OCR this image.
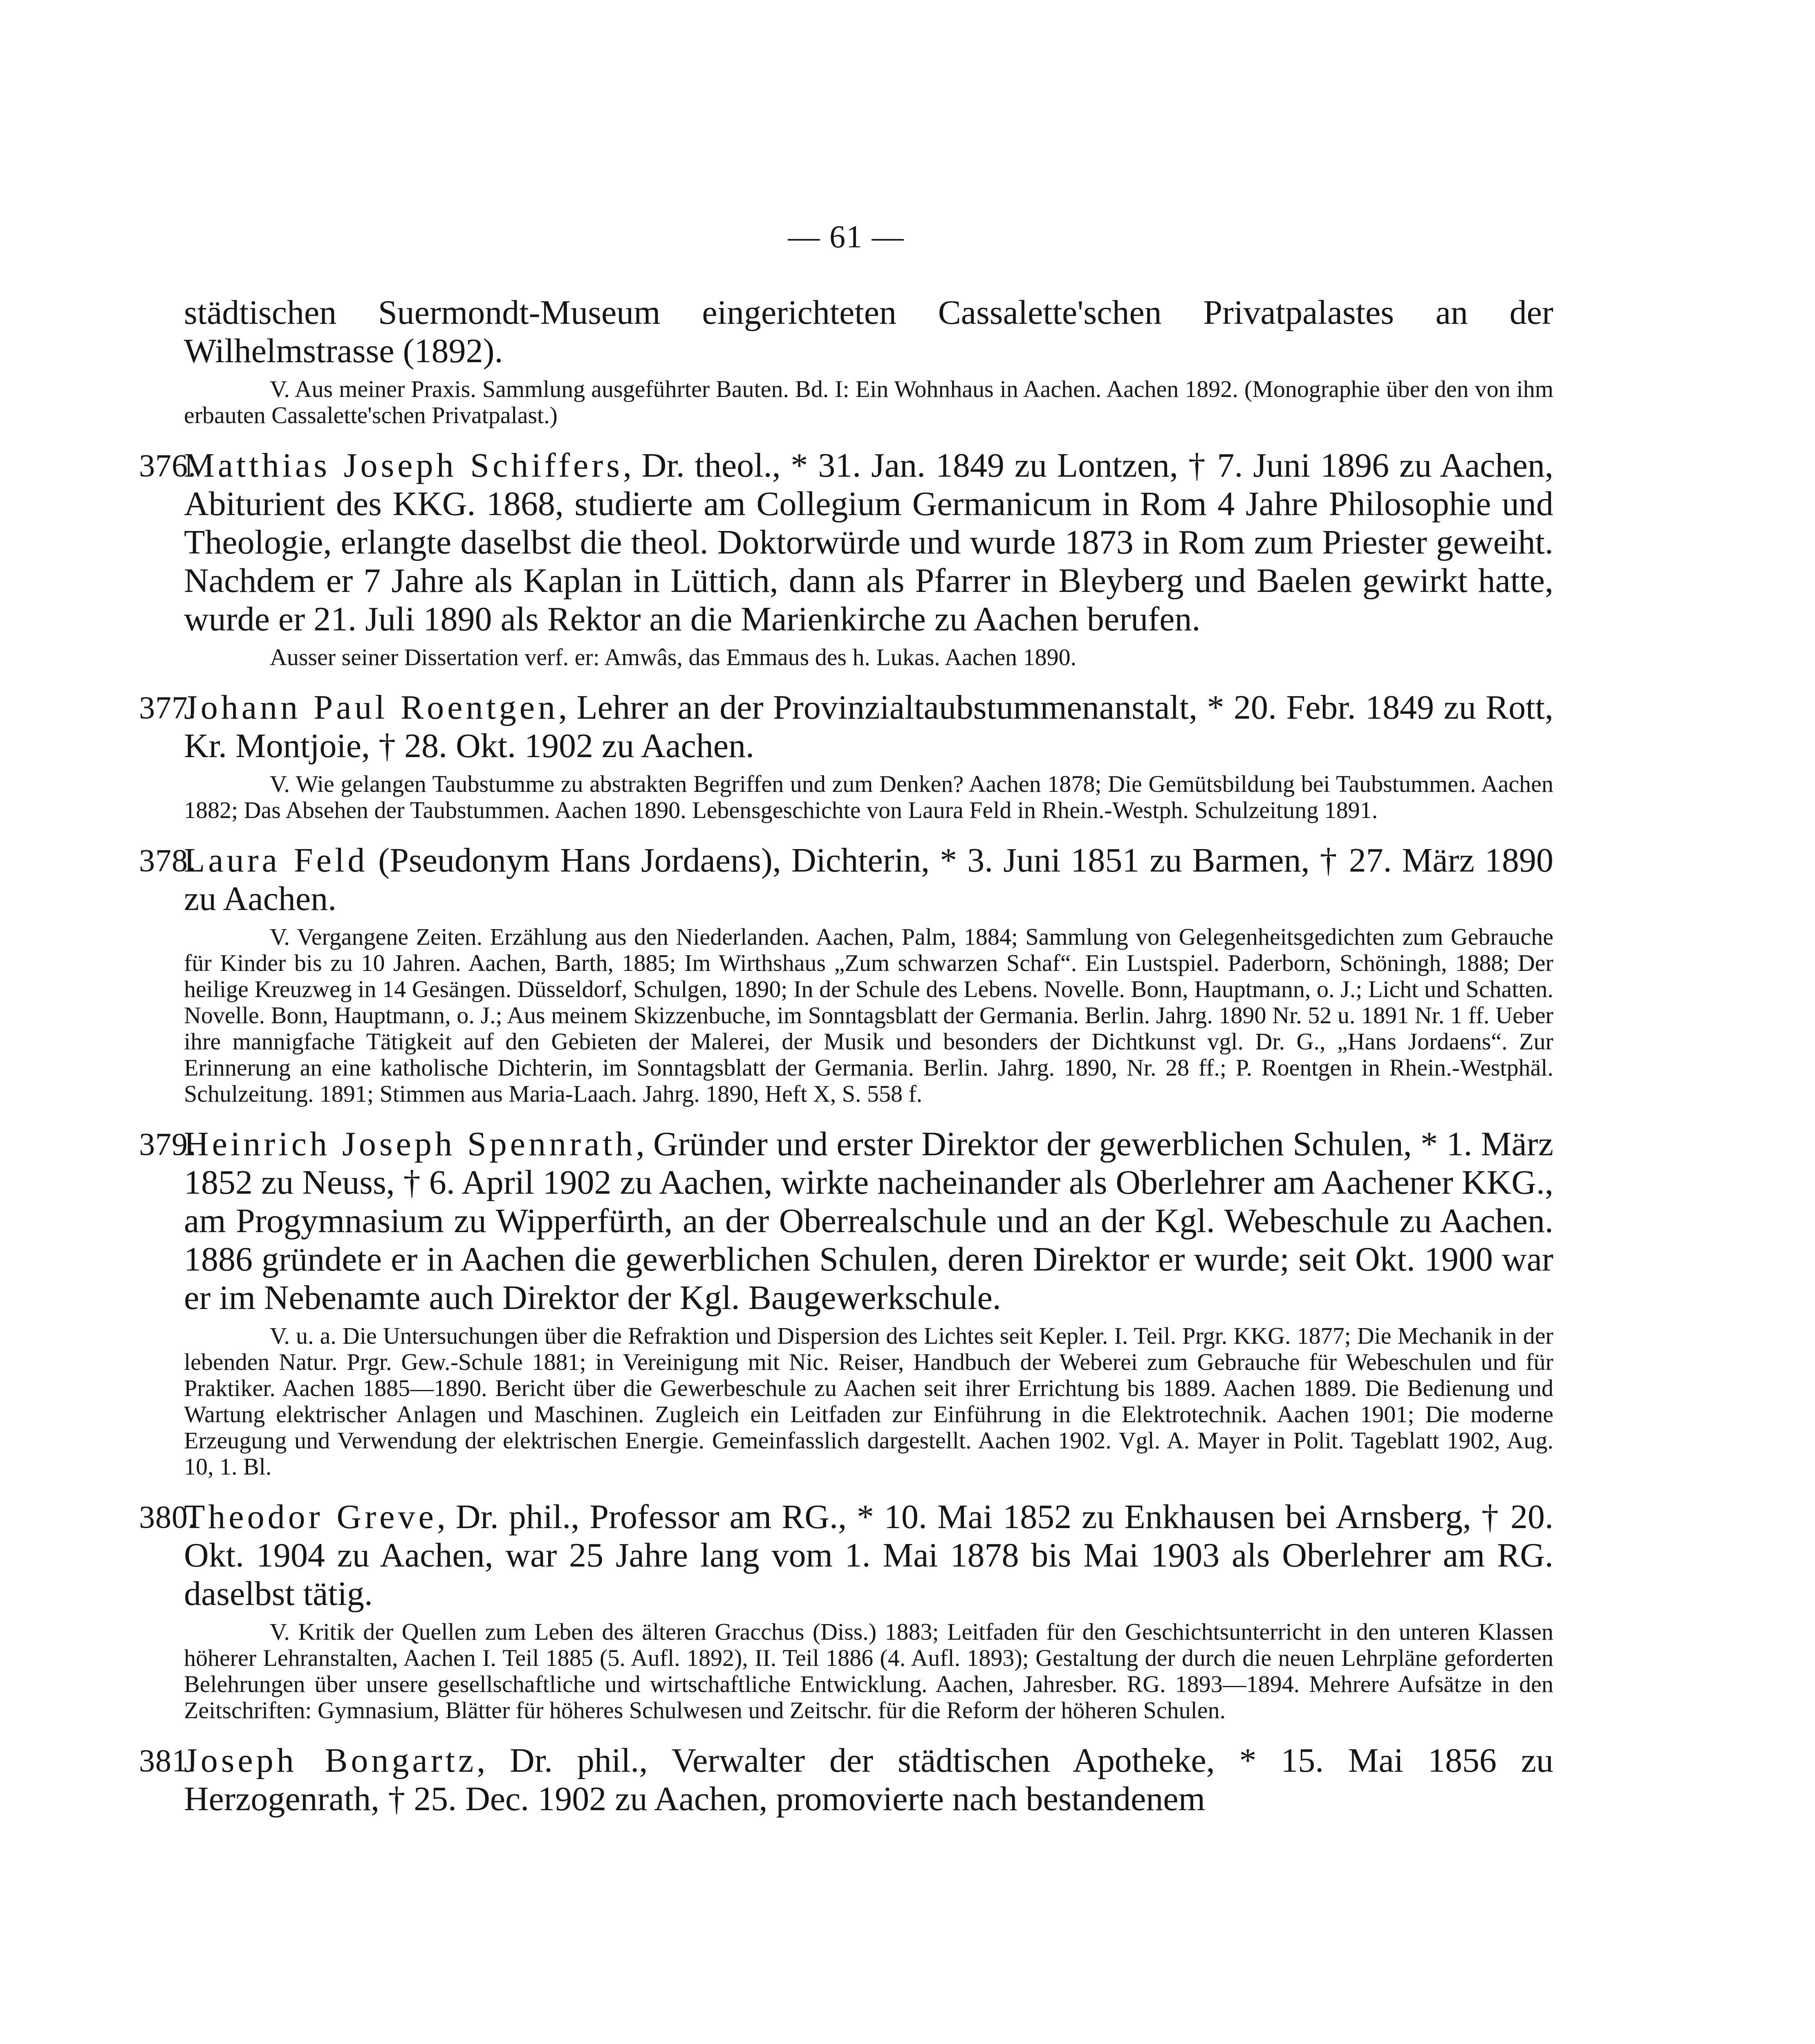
— 61 —

städtischen Suermondt-Museum eingerichteten Cassalette'schen Privatpalastes an der Wilhelmstrasse (1892).

V. Aus meiner Praxis. Sammlung ausgeführter Bauten. Bd. I: Ein Wohnhaus in Aachen. Aachen 1892. (Monographie über den von ihm erbauten Cassalette'schen Privatpalast.)

376.

Matthias Joseph Schiffers, Dr. theol., * 31. Jan. 1849 zu Lontzen, † 7. Juni 1896 zu Aachen, Abiturient des KKG. 1868, studierte am Collegium Germanicum in Rom 4 Jahre Philosophie und Theologie, erlangte daselbst die theol. Doktorwürde und wurde 1873 in Rom zum Priester geweiht. Nachdem er 7 Jahre als Kaplan in Lüttich, dann als Pfarrer in Bleyberg und Baelen gewirkt hatte, wurde er 21. Juli 1890 als Rektor an die Marienkirche zu Aachen berufen.

Ausser seiner Dissertation verf. er: Amwâs, das Emmaus des h. Lukas. Aachen 1890.

377.

Johann Paul Roentgen, Lehrer an der Provinzialtaubstummenanstalt, * 20. Febr. 1849 zu Rott, Kr. Montjoie, † 28. Okt. 1902 zu Aachen.

V. Wie gelangen Taubstumme zu abstrakten Begriffen und zum Denken? Aachen 1878; Die Gemütsbildung bei Taubstummen. Aachen 1882; Das Absehen der Taubstummen. Aachen 1890. Lebensgeschichte von Laura Feld in Rhein.-Westph. Schulzeitung 1891.

378.

Laura Feld (Pseudonym Hans Jordaens), Dichterin, * 3. Juni 1851 zu Barmen, † 27. März 1890 zu Aachen.

V. Vergangene Zeiten. Erzählung aus den Niederlanden. Aachen, Palm, 1884; Sammlung von Gelegenheitsgedichten zum Gebrauche für Kinder bis zu 10 Jahren. Aachen, Barth, 1885; Im Wirthshaus „Zum schwarzen Schaf“. Ein Lustspiel. Paderborn, Schöningh, 1888; Der heilige Kreuzweg in 14 Gesängen. Düsseldorf, Schulgen, 1890; In der Schule des Lebens. Novelle. Bonn, Hauptmann, o. J.; Licht und Schatten. Novelle. Bonn, Hauptmann, o. J.; Aus meinem Skizzenbuche, im Sonntagsblatt der Germania. Berlin. Jahrg. 1890 Nr. 52 u. 1891 Nr. 1 ff. Ueber ihre mannigfache Tätigkeit auf den Gebieten der Malerei, der Musik und besonders der Dichtkunst vgl. Dr. G., „Hans Jordaens“. Zur Erinnerung an eine katholische Dichterin, im Sonntagsblatt der Germania. Berlin. Jahrg. 1890, Nr. 28 ff.; P. Roentgen in Rhein.-Westphäl. Schulzeitung. 1891; Stimmen aus Maria-Laach. Jahrg. 1890, Heft X, S. 558 f.

379.

Heinrich Joseph Spennrath, Gründer und erster Direktor der gewerblichen Schulen, * 1. März 1852 zu Neuss, † 6. April 1902 zu Aachen, wirkte nacheinander als Oberlehrer am Aachener KKG., am Progymnasium zu Wipperfürth, an der Oberrealschule und an der Kgl. Webeschule zu Aachen. 1886 gründete er in Aachen die gewerblichen Schulen, deren Direktor er wurde; seit Okt. 1900 war er im Nebenamte auch Direktor der Kgl. Baugewerkschule.

V. u. a. Die Untersuchungen über die Refraktion und Dispersion des Lichtes seit Kepler. I. Teil. Prgr. KKG. 1877; Die Mechanik in der lebenden Natur. Prgr. Gew.-Schule 1881; in Vereinigung mit Nic. Reiser, Handbuch der Weberei zum Gebrauche für Webeschulen und für Praktiker. Aachen 1885—1890. Bericht über die Gewerbeschule zu Aachen seit ihrer Errichtung bis 1889. Aachen 1889. Die Bedienung und Wartung elektrischer Anlagen und Maschinen. Zugleich ein Leitfaden zur Einführung in die Elektrotechnik. Aachen 1901; Die moderne Erzeugung und Verwendung der elektrischen Energie. Gemeinfasslich dargestellt. Aachen 1902. Vgl. A. Mayer in Polit. Tageblatt 1902, Aug. 10, 1. Bl.

380.

Theodor Greve, Dr. phil., Professor am RG., * 10. Mai 1852 zu Enkhausen bei Arnsberg, † 20. Okt. 1904 zu Aachen, war 25 Jahre lang vom 1. Mai 1878 bis Mai 1903 als Oberlehrer am RG. daselbst tätig.

V. Kritik der Quellen zum Leben des älteren Gracchus (Diss.) 1883; Leitfaden für den Geschichtsunterricht in den unteren Klassen höherer Lehranstalten, Aachen I. Teil 1885 (5. Aufl. 1892), II. Teil 1886 (4. Aufl. 1893); Gestaltung der durch die neuen Lehrpläne geforderten Belehrungen über unsere gesellschaftliche und wirtschaftliche Entwicklung. Aachen, Jahresber. RG. 1893—1894. Mehrere Aufsätze in den Zeitschriften: Gymnasium, Blätter für höheres Schulwesen und Zeitschr. für die Reform der höheren Schulen.

381.

Joseph Bongartz, Dr. phil., Verwalter der städtischen Apotheke, * 15. Mai 1856 zu Herzogenrath, † 25. Dec. 1902 zu Aachen, promovierte nach bestandenem
